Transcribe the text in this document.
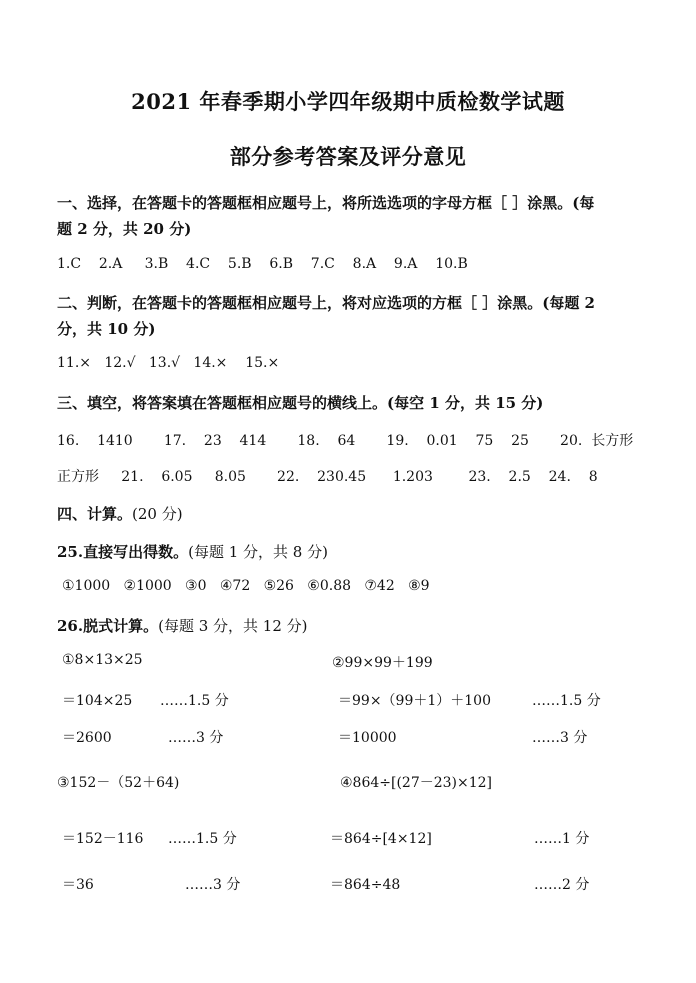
2021 年春季期小学四年级期中质检数学试题
部分参考答案及评分意见
一、选择，在答题卡的答题框相应题号上，将所选选项的字母方框［ ］涂黑。(每
题 2 分，共 20 分)
1.C    2.A     3.B    4.C    5.B    6.B    7.C    8.A    9.A    10.B
二、判断，在答题卡的答题框相应题号上，将对应选项的方框［ ］涂黑。(每题 2
分，共 10 分)
11.×   12.√   13.√   14.×    15.×
三、填空，将答案填在答题框相应题号的横线上。(每空 1 分，共 15 分)
16.    1410       17.    23    414       18.    64       19.    0.01    75    25       20.  长方形
正方形     21.    6.05     8.05       22.    230.45      1.203        23.    2.5    24.    8
四、计算。(20 分)
25.直接写出得数。(每题 1 分，共 8 分)
①1000   ②1000   ③0   ④72   ⑤26   ⑥0.88   ⑦42   ⑧9
26.脱式计算。(每题 3 分，共 12 分)
①8×13×25
＝104×25 ……1.5 分
＝2600	……3 分
②99×99＋199
＝99×（99＋1）＋100	……1.5 分
＝10000	……3 分
③152－（52＋64)
＝152－116 ……1.5 分
＝36	……3 分
④864÷[(27－23)×12]
＝864÷[4×12]	……1 分
＝864÷48	……2 分
